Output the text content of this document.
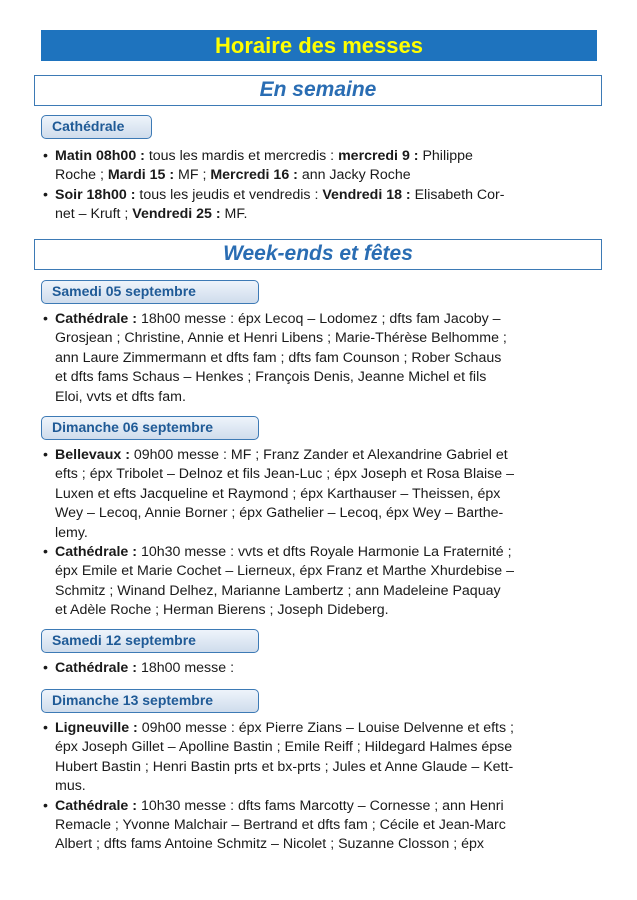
Horaire des messes
En semaine
Cathédrale
• Matin 08h00 : tous les mardis et mercredis : mercredi 9 : Philippe
Roche ; Mardi 15 : MF ; Mercredi 16 : ann Jacky Roche
• Soir 18h00 : tous les jeudis et vendredis : Vendredi 18 : Elisabeth Cor-
net – Kruft ; Vendredi 25 : MF.
Week-ends et fêtes
Samedi 05 septembre
• Cathédrale : 18h00 messe : épx Lecoq – Lodomez ; dfts fam Jacoby –
Grosjean ; Christine, Annie et Henri Libens ; Marie-Thérèse Belhomme ;
ann Laure Zimmermann et dfts fam ; dfts fam Counson ; Rober Schaus
et dfts fams Schaus – Henkes ; François Denis, Jeanne Michel et fils
Eloi, vvts et dfts fam.
Dimanche 06 septembre
• Bellevaux : 09h00 messe : MF ; Franz Zander et Alexandrine Gabriel et
efts ; épx Tribolet – Delnoz et fils Jean-Luc ; épx Joseph et Rosa Blaise –
Luxen et efts Jacqueline et Raymond ; épx Karthauser – Theissen, épx
Wey – Lecoq, Annie Borner ; épx Gathelier – Lecoq, épx Wey – Barthe-
lemy.
• Cathédrale : 10h30 messe : vvts et dfts Royale Harmonie La Fraternité ;
épx Emile et Marie Cochet – Lierneux, épx Franz et Marthe Xhurdebise –
Schmitz ; Winand Delhez, Marianne Lambertz ; ann Madeleine Paquay
et Adèle Roche ; Herman Bierens ; Joseph Dideberg.
Samedi 12 septembre
• Cathédrale : 18h00 messe :
Dimanche 13 septembre
• Ligneuville : 09h00 messe : épx Pierre Zians – Louise Delvenne et efts ;
épx Joseph Gillet – Apolline Bastin ; Emile Reiff ; Hildegard Halmes épse
Hubert Bastin ; Henri Bastin prts et bx-prts ; Jules et Anne Glaude – Kett-
mus.
• Cathédrale : 10h30 messe : dfts fams Marcotty – Cornesse ; ann Henri
Remacle ; Yvonne Malchair – Bertrand et dfts fam ; Cécile et Jean-Marc
Albert ; dfts fams Antoine Schmitz – Nicolet ; Suzanne Closson ; épx
